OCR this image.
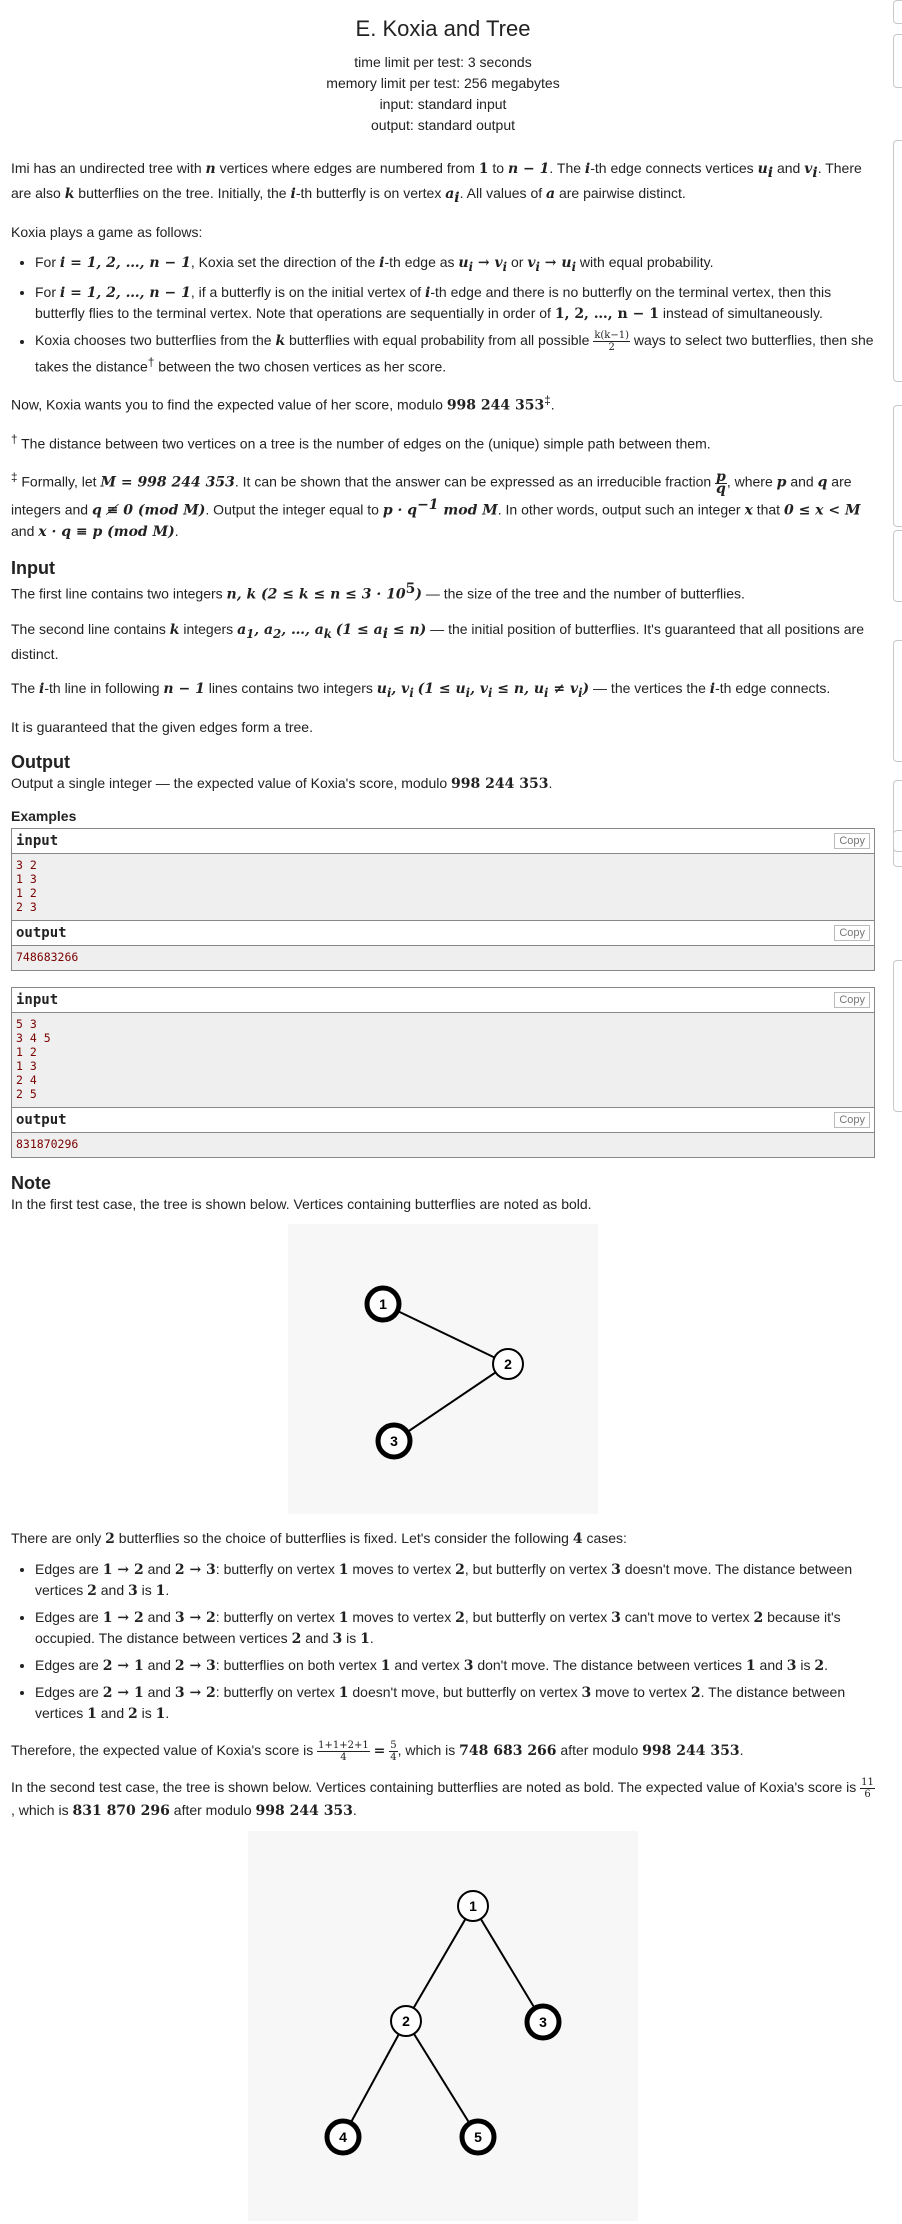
E. Koxia and Tree
time limit per test: 3 seconds
memory limit per test: 256 megabytes
input: standard input
output: standard output

Imi has an undirected tree with n vertices where edges are numbered from 1 to n − 1. The i-th edge connects vertices $u_i$ and $v_i$. There are also k butterflies on the tree. Initially, the i-th butterfly is on vertex $a_i$. All values of a are pairwise distinct.

Koxia plays a game as follows:

• For i = 1, 2, …, n − 1, Koxia set the direction of the i-th edge as $u_i \to v_i$ or $v_i \to u_i$ with equal probability.
• For i = 1, 2, …, n − 1, if a butterfly is on the initial vertex of i-th edge and there is no butterfly on the terminal vertex, then this butterfly flies to the terminal vertex. Note that operations are sequentially in order of 1, 2, …, n − 1 instead of simultaneously.
• Koxia chooses two butterflies from the k butterflies with equal probability from all possible $\frac{k(k-1)}{2}$ ways to select two butterflies, then she takes the distance† between the two chosen vertices as her score.

Now, Koxia wants you to find the expected value of her score, modulo 998 244 353‡.

† The distance between two vertices on a tree is the number of edges on the (unique) simple path between them.

‡ Formally, let M = 998 244 353. It can be shown that the answer can be expressed as an irreducible fraction $\frac{p}{q}$ , where p and q are integers and q ≢ 0 (mod M). Output the integer equal to $p \cdot q^{-1}$ mod M. In other words, output such an integer x that 0 ≤ x < M and x · q ≡ p (mod M).

Input

The first line contains two integers n, k $(2 \le k \le n \le 3 \cdot 10^5)$ — the size of the tree and the number of butterflies.

The second line contains k integers $a_1$, $a_2$, …, $a_k$ $(1 \le a_i \le n)$ — the initial position of butterflies. It's guaranteed that all positions are distinct.

The i-th line in following n − 1 lines contains two integers $u_i$, $v_i$ ($1 \le u_i$, $v_i \le n$, $u_i \ne v_i$) — the vertices the i-th edge connects.

It is guaranteed that the given edges form a tree.

Output

Output a single integer — the expected value of Koxia's score, modulo 998 244 353.

Examples
input	Copy
3 2
1 3
1 2
2 3
output	Copy
748683266
input	Copy
5 3
3 4 5
1 2
1 3
2 4
2 5
output	Copy
831870296
Note

In the first test case, the tree is shown below. Vertices containing butterflies are noted as bold.

1
2
3

There are only 2 butterflies so the choice of butterflies is fixed. Let's consider the following 4 cases:

• Edges are 1 → 2 and 2 → 3: butterfly on vertex 1 moves to vertex 2, but butterfly on vertex 3 doesn't move. The distance between vertices 2 and 3 is 1.
• Edges are 1 → 2 and 3 → 2: butterfly on vertex 1 moves to vertex 2, but butterfly on vertex 3 can't move to vertex 2 because it's occupied. The distance between vertices 2 and 3 is 1.
• Edges are 2 → 1 and 2 → 3: butterflies on both vertex 1 and vertex 3 don't move. The distance between vertices 1 and 3 is 2.
• Edges are 2 → 1 and 3 → 2: butterfly on vertex 1 doesn't move, but butterfly on vertex 3 move to vertex 2. The distance between vertices 1 and 2 is 1.

Therefore, the expected value of Koxia's score is $\frac{1+1+2+1}{4} = \frac{5}{4}$ , which is 748 683 266 after modulo 998 244 353.

In the second test case, the tree is shown below. Vertices containing butterflies are noted as bold. The expected value of Koxia's score is $\frac{11}{6}$
, which is 831 870 296 after modulo 998 244 353.

1
2	3
4	5
